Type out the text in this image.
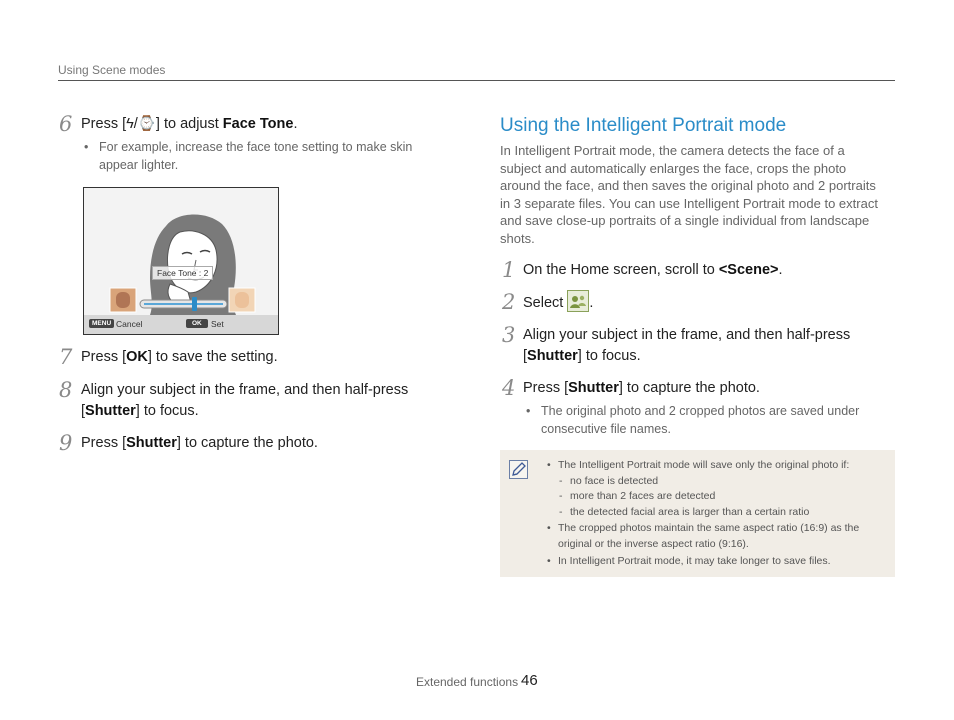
Using Scene modes
6 Press [ϟ/⌚] to adjust Face Tone.
• For example, increase the face tone setting to make skin
appear lighter.
Face Tone : 2
MENU Cancel	OK	Set
7 Press [OK] to save the setting.
8 Align your subject in the frame, and then half-press
[Shutter] to focus.
9 Press [Shutter] to capture the photo.
Using the Intelligent Portrait mode
In Intelligent Portrait mode, the camera detects the face of a
subject and automatically enlarges the face, crops the photo
around the face, and then saves the original photo and 2 portraits
in 3 separate files. You can use Intelligent Portrait mode to extract
and save close-up portraits of a single individual from landscape
shots.
1 On the Home screen, scroll to <Scene>.
2 Select .
3 Align your subject in the frame, and then half-press
[Shutter] to focus.
4 Press [Shutter] to capture the photo.
• The original photo and 2 cropped photos are saved under
consecutive file names.
• The Intelligent Portrait mode will save only the original photo if:
- no face is detected
- more than 2 faces are detected
- the detected facial area is larger than a certain ratio
• The cropped photos maintain the same aspect ratio (16:9) as the
original or the inverse aspect ratio (9:16).
• In Intelligent Portrait mode, it may take longer to save files.
Extended functions 46
